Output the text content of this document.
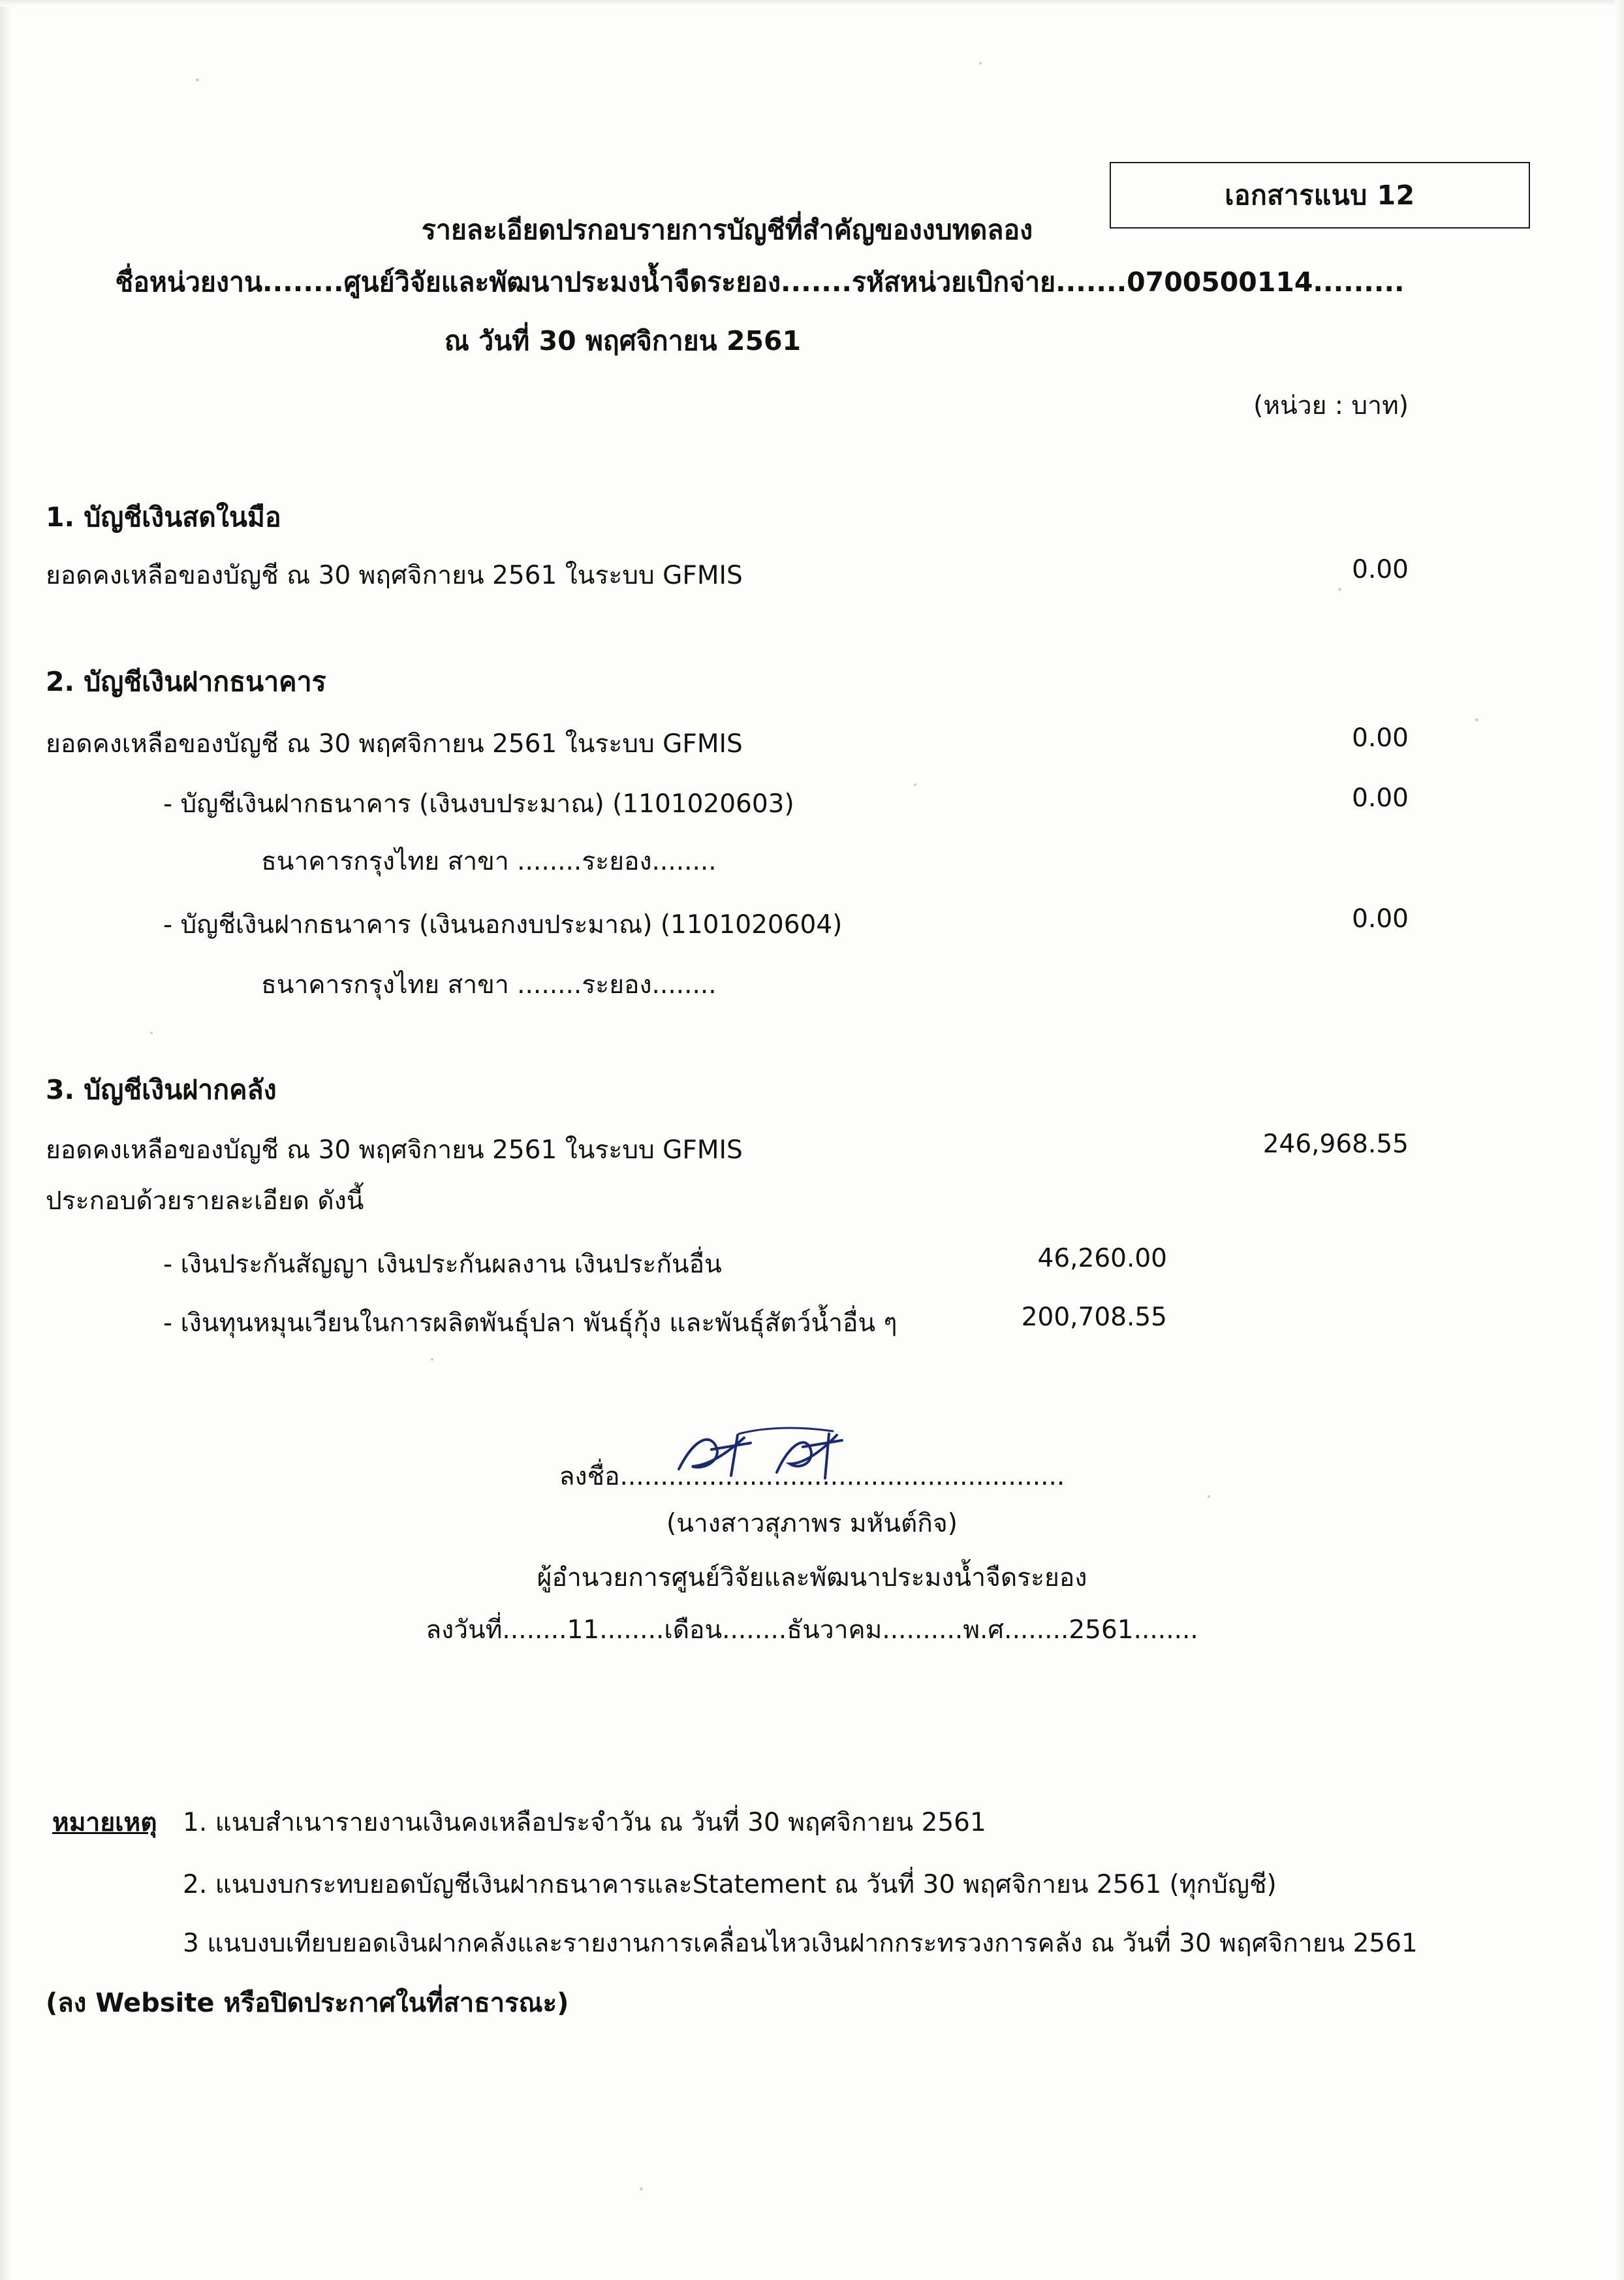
เอกสารแนบ 12
รายละเอียดปรกอบรายการบัญชีที่สำคัญของงบทดลอง
ชื่อหน่วยงาน........ศูนย์วิจัยและพัฒนาประมงน้ำจืดระยอง.......รหัสหน่วยเบิกจ่าย.......0700500114.........
ณ วันที่ 30 พฤศจิกายน 2561
(หน่วย : บาท)
1. บัญชีเงินสดในมือ
ยอดคงเหลือของบัญชี ณ 30 พฤศจิกายน 2561 ในระบบ GFMIS	0.00
2. บัญชีเงินฝากธนาคาร
ยอดคงเหลือของบัญชี ณ 30 พฤศจิกายน 2561 ในระบบ GFMIS	0.00
- บัญชีเงินฝากธนาคาร (เงินงบประมาณ) (1101020603)	0.00
ธนาคารกรุงไทย สาขา ........ระยอง........
- บัญชีเงินฝากธนาคาร (เงินนอกงบประมาณ) (1101020604)	0.00
ธนาคารกรุงไทย สาขา ........ระยอง........
3. บัญชีเงินฝากคลัง
ยอดคงเหลือของบัญชี ณ 30 พฤศจิกายน 2561 ในระบบ GFMIS	246,968.55
ประกอบด้วยรายละเอียด ดังนี้
- เงินประกันสัญญา เงินประกันผลงาน เงินประกันอื่น	46,260.00
- เงินทุนหมุนเวียนในการผลิตพันธุ์ปลา พันธุ์กุ้ง และพันธุ์สัตว์น้ำอื่น ๆ	200,708.55
ลงชื่อ.......................................................
(นางสาวสุภาพร มหันต์กิจ)
ผู้อำนวยการศูนย์วิจัยและพัฒนาประมงน้ำจืดระยอง
ลงวันที่........11........เดือน........ธันวาคม..........พ.ศ........2561........
หมายเหตุ 1. แนบสำเนารายงานเงินคงเหลือประจำวัน ณ วันที่ 30 พฤศจิกายน 2561
2. แนบงบกระทบยอดบัญชีเงินฝากธนาคารและStatement ณ วันที่ 30 พฤศจิกายน 2561 (ทุกบัญชี)
3 แนบงบเทียบยอดเงินฝากคลังและรายงานการเคลื่อนไหวเงินฝากกระทรวงการคลัง ณ วันที่ 30 พฤศจิกายน 2561
(ลง Website หรือปิดประกาศในที่สาธารณะ)
